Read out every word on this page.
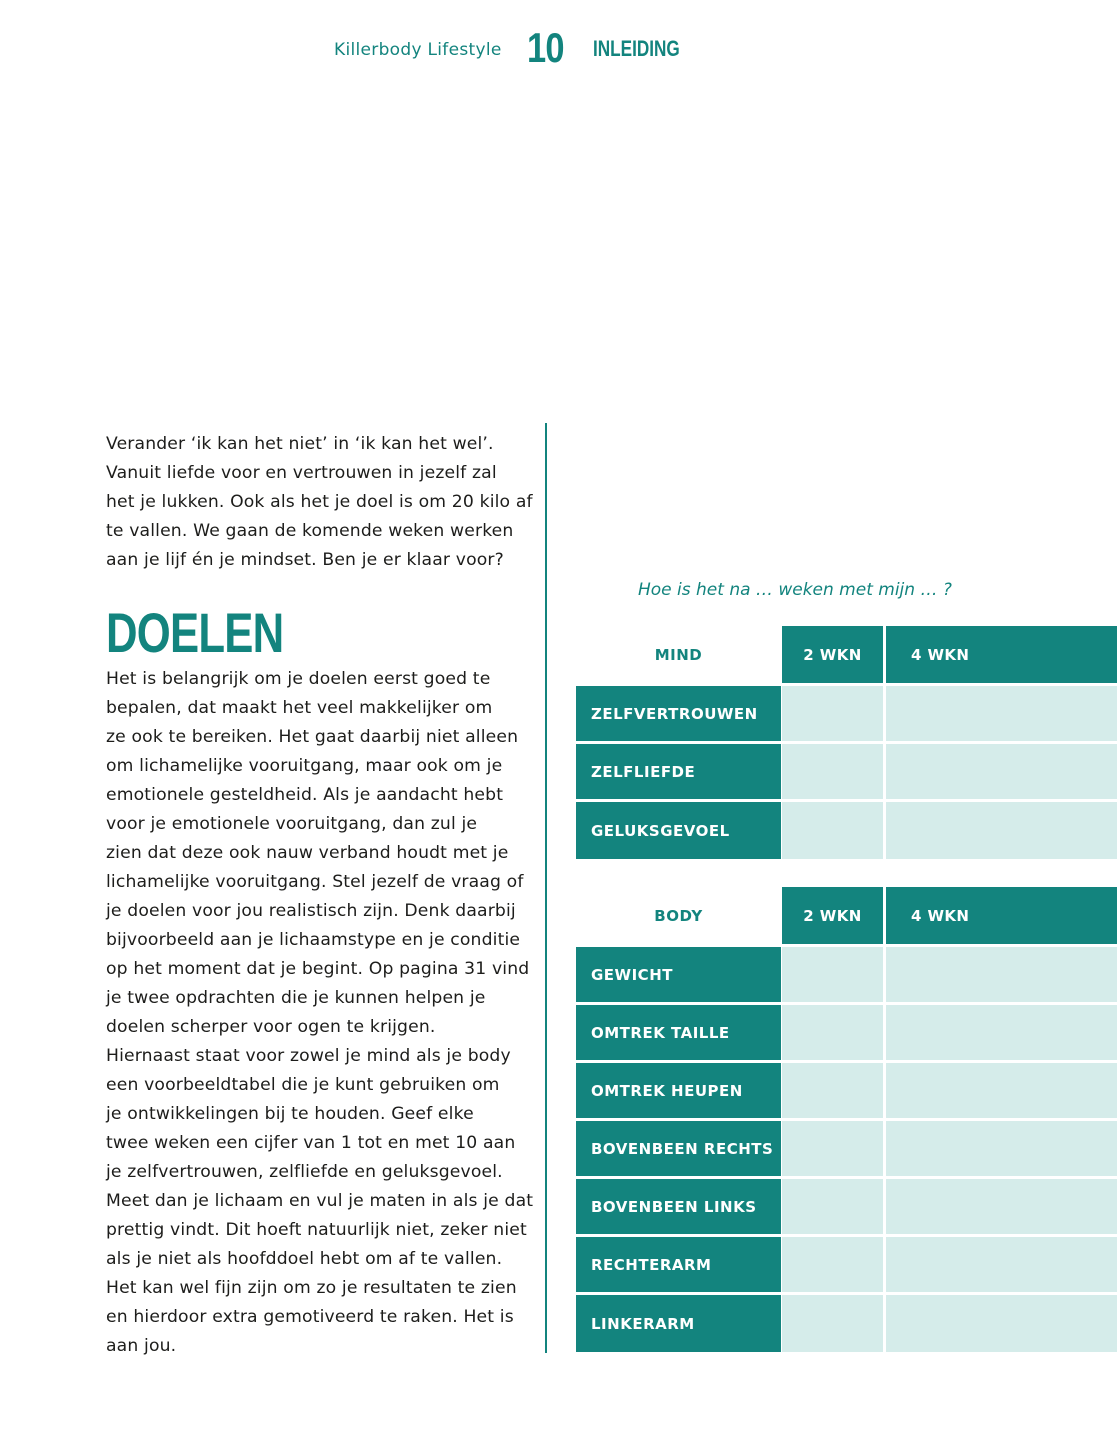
Killerbody Lifestyle 10 INLEIDING

Verander ‘ik kan het niet’ in ‘ik kan het wel’.
Vanuit liefde voor en vertrouwen in jezelf zal
het je lukken. Ook als het je doel is om 20 kilo af
te vallen. We gaan de komende weken werken
aan je lijf én je mindset. Ben je er klaar voor?

DOELEN

Het is belangrijk om je doelen eerst goed te
bepalen, dat maakt het veel makkelijker om
ze ook te bereiken. Het gaat daarbij niet alleen
om lichamelijke vooruitgang, maar ook om je
emotionele gesteldheid. Als je aandacht hebt
voor je emotionele vooruitgang, dan zul je
zien dat deze ook nauw verband houdt met je
lichamelijke vooruitgang. Stel jezelf de vraag of
je doelen voor jou realistisch zijn. Denk daarbij
bijvoorbeeld aan je lichaamstype en je conditie
op het moment dat je begint. Op pagina 31 vind
je twee opdrachten die je kunnen helpen je
doelen scherper voor ogen te krijgen.
Hiernaast staat voor zowel je mind als je body
een voorbeeldtabel die je kunt gebruiken om
je ontwikkelingen bij te houden. Geef elke
twee weken een cijfer van 1 tot en met 10 aan
je zelfvertrouwen, zelfliefde en geluksgevoel.
Meet dan je lichaam en vul je maten in als je dat
prettig vindt. Dit hoeft natuurlijk niet, zeker niet
als je niet als hoofddoel hebt om af te vallen.
Het kan wel fijn zijn om zo je resultaten te zien
en hierdoor extra gemotiveerd te raken. Het is
aan jou.

Hoe is het na … weken met mijn … ?
MIND	2 WKN	4 WKN
ZELFVERTROUWEN
ZELFLIEFDE
GELUKSGEVOEL
BODY	2 WKN	4 WKN
GEWICHT
OMTREK TAILLE
OMTREK HEUPEN
BOVENBEEN RECHTS
BOVENBEEN LINKS
RECHTERARM
LINKERARM
